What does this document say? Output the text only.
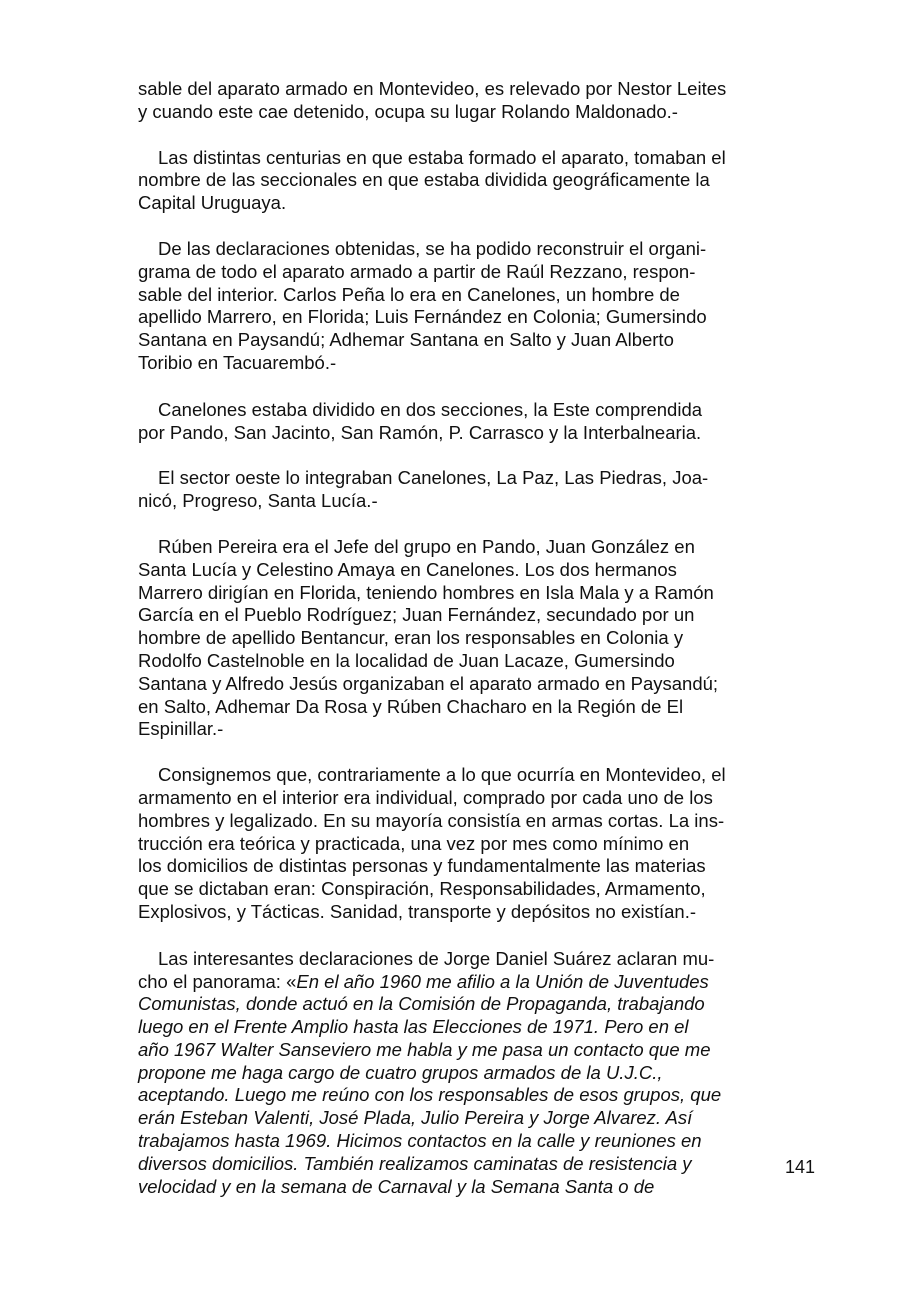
sable del aparato armado en Montevideo, es relevado por Nestor Leites
y cuando este cae detenido, ocupa su lugar Rolando Maldonado.-

Las distintas centurias en que estaba formado el aparato, tomaban el
nombre de las seccionales en que estaba dividida geográficamente la
Capital Uruguaya.

De las declaraciones obtenidas, se ha podido reconstruir el organi-
grama de todo el aparato armado a partir de Raúl Rezzano, respon-
sable del interior. Carlos Peña lo era en Canelones, un hombre de
apellido Marrero, en Florida; Luis Fernández en Colonia; Gumersindo
Santana en Paysandú; Adhemar Santana en Salto y Juan Alberto
Toribio en Tacuarembó.-

Canelones estaba dividido en dos secciones, la Este comprendida
por Pando, San Jacinto, San Ramón, P. Carrasco y la Interbalnearia.

El sector oeste lo integraban Canelones, La Paz, Las Piedras, Joa-
nicó, Progreso, Santa Lucía.-

Rúben Pereira era el Jefe del grupo en Pando, Juan González en
Santa Lucía y Celestino Amaya en Canelones. Los dos hermanos
Marrero dirigían en Florida, teniendo hombres en Isla Mala y a Ramón
García en el Pueblo Rodríguez; Juan Fernández, secundado por un
hombre de apellido Bentancur, eran los responsables en Colonia y
Rodolfo Castelnoble en la localidad de Juan Lacaze, Gumersindo
Santana y Alfredo Jesús organizaban el aparato armado en Paysandú;
en Salto, Adhemar Da Rosa y Rúben Chacharo en la Región de El
Espinillar.-

Consignemos que, contrariamente a lo que ocurría en Montevideo, el
armamento en el interior era individual, comprado por cada uno de los
hombres y legalizado. En su mayoría consistía en armas cortas. La ins-
trucción era teórica y practicada, una vez por mes como mínimo en
los domicilios de distintas personas y fundamentalmente las materias
que se dictaban eran: Conspiración, Responsabilidades, Armamento,
Explosivos, y Tácticas. Sanidad, transporte y depósitos no existían.-

Las interesantes declaraciones de Jorge Daniel Suárez aclaran mu-
cho el panorama: «En el año 1960 me afilio a la Unión de Juventudes
Comunistas, donde actuó en la Comisión de Propaganda, trabajando
luego en el Frente Amplio hasta las Elecciones de 1971. Pero en el
año 1967 Walter Sanseviero me habla y me pasa un contacto que me
propone me haga cargo de cuatro grupos armados de la U.J.C.,
aceptando. Luego me reúno con los responsables de esos grupos, que
erán Esteban Valenti, José Plada, Julio Pereira y Jorge Alvarez. Así
trabajamos hasta 1969. Hicimos contactos en la calle y reuniones en
diversos domicilios. También realizamos caminatas de resistencia y
velocidad y en la semana de Carnaval y la Semana Santa o de

141
